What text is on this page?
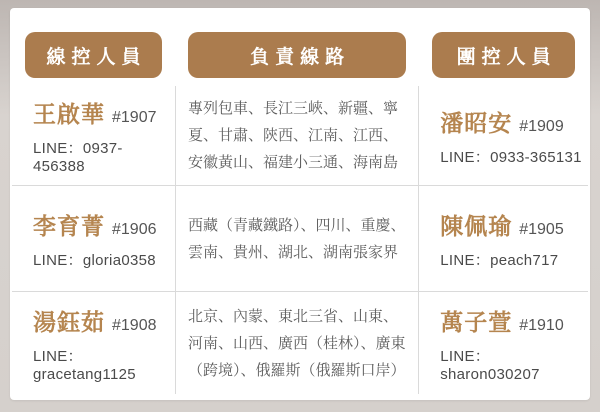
線控人員	負責線路	團控人員
王啟華 #1907
LINE：0937-456388
專列包車、長江三峽、新疆、寧夏、甘肅、陝西、江南、江西、安徽黃山、福建小三通、海南島
潘昭安 #1909
LINE：0933-365131
李育菁 #1906
LINE：gloria0358
西藏（青藏鐵路）、四川、重慶、雲南、貴州、湖北、湖南張家界
陳佩瑜 #1905
LINE：peach717
湯鈺茹 #1908
LINE：gracetang1125
北京、內蒙、東北三省、山東、河南、山西、廣西（桂林）、廣東（跨境）、俄羅斯（俄羅斯口岸）
萬子萱 #1910
LINE：sharon030207
